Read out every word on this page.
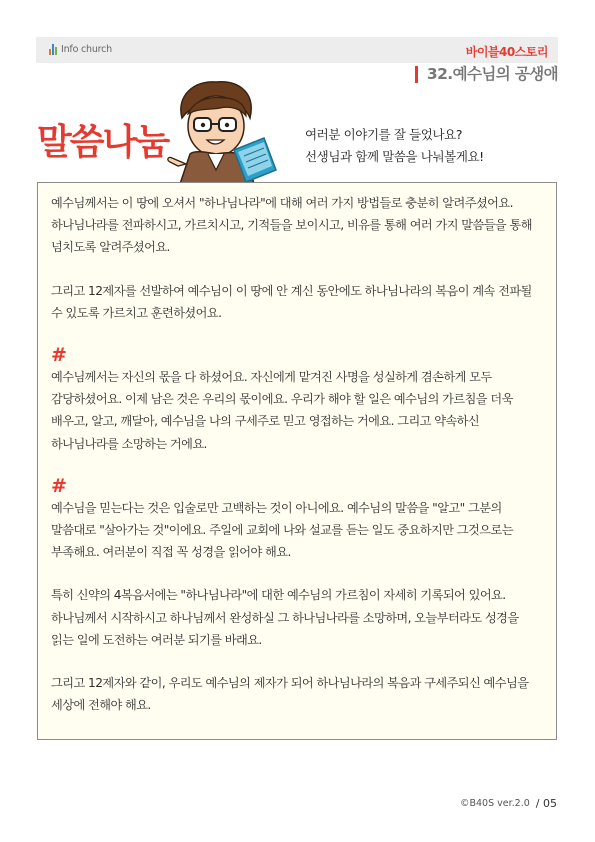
Info church	바이블40스토리
32.예수님의 공생애
말씀나눔	여러분 이야기를 잘 들었나요?
선생님과 함께 말씀을 나눠볼게요!

예수님께서는 이 땅에 오셔서 "하나님나라"에 대해 여러 가지 방법들로 충분히 알려주셨어요. 하나님나라를 전파하시고, 가르치시고, 기적들을 보이시고, 비유를 통해 여러 가지 말씀들을 통해 넘치도록 알려주셨어요.

그리고 12제자를 선발하여 예수님이 이 땅에 안 계신 동안에도 하나님나라의 복음이 계속 전파될 수 있도록 가르치고 훈련하셨어요.

#

예수님께서는 자신의 몫을 다 하셨어요. 자신에게 맡겨진 사명을 성실하게 겸손하게 모두 감당하셨어요. 이제 남은 것은 우리의 몫이에요. 우리가 해야 할 일은 예수님의 가르침을 더욱 배우고, 알고, 깨달아, 예수님을 나의 구세주로 믿고 영접하는 거에요. 그리고 약속하신 하나님나라를 소망하는 거에요.

#

예수님을 믿는다는 것은 입술로만 고백하는 것이 아니에요. 예수님의 말씀을 "알고" 그분의 말씀대로 "살아가는 것"이에요. 주일에 교회에 나와 설교를 듣는 일도 중요하지만 그것으로는 부족해요. 여러분이 직접 꼭 성경을 읽어야 해요.

특히 신약의 4복음서에는 "하나님나라"에 대한 예수님의 가르침이 자세히 기록되어 있어요. 하나님께서 시작하시고 하나님께서 완성하실 그 하나님나라를 소망하며, 오늘부터라도 성경을 읽는 일에 도전하는 여러분 되기를 바래요.

그리고 12제자와 같이, 우리도 예수님의 제자가 되어 하나님나라의 복음과 구세주되신 예수님을 세상에 전해야 해요.

©B40S ver.2.0 / 05
